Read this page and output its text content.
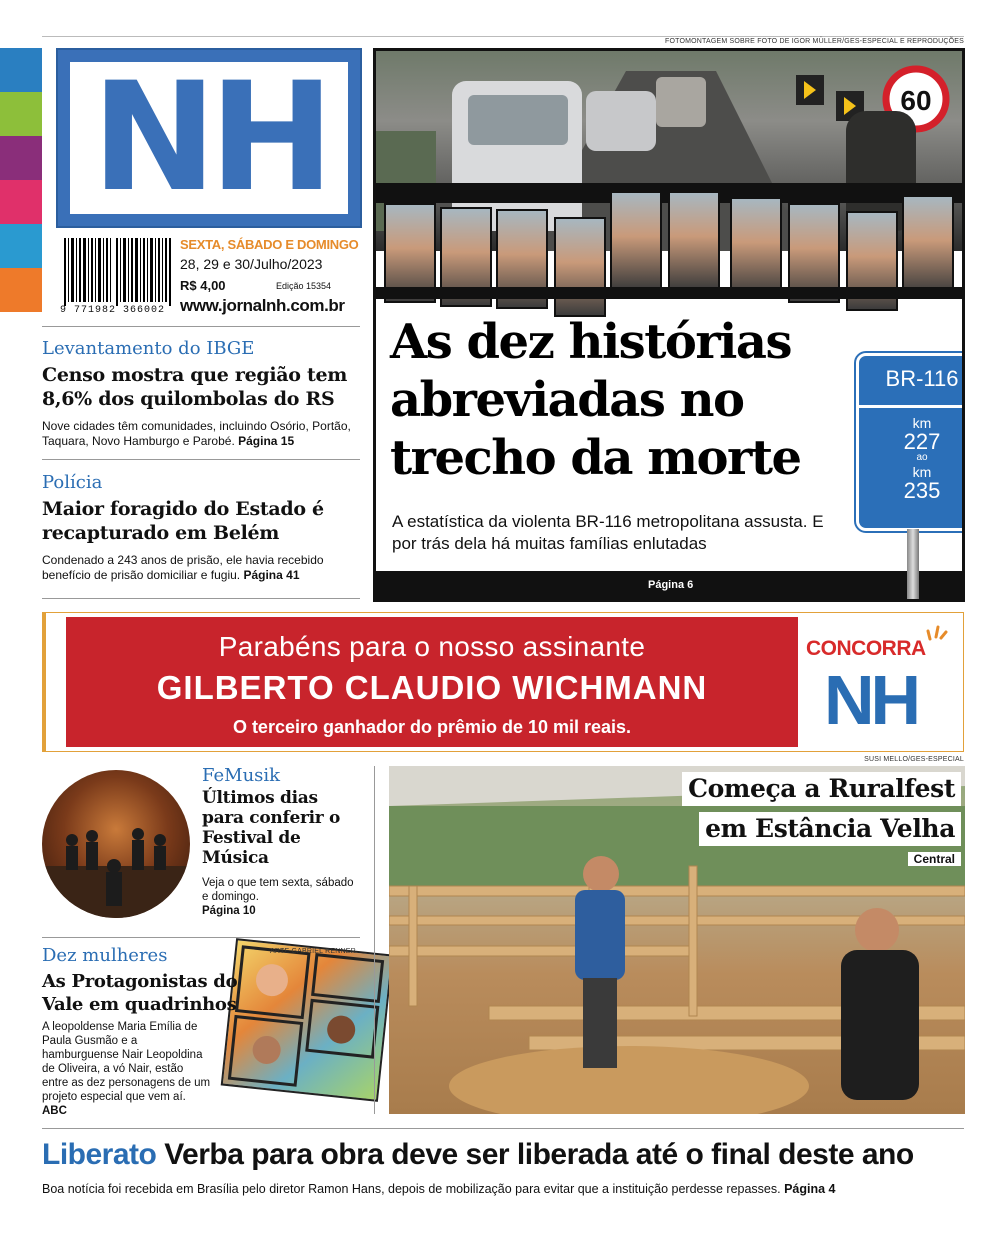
FOTOMONTAGEM SOBRE FOTO DE IGOR MÜLLER/GES-ESPECIAL E REPRODUÇÕES
NH
9 771982 366002
SEXTA, SÁBADO E DOMINGO
28, 29 e 30/Julho/2023
R$ 4,00	Edição 15354
www.jornalnh.com.br
Levantamento do IBGE
Censo mostra que região tem 8,6% dos quilombolas do RS
Nove cidades têm comunidades, incluindo Osório, Portão, Taquara, Novo Hamburgo e Parobé. Página 15
Polícia
Maior foragido do Estado é recapturado em Belém
Condenado a 243 anos de prisão, ele havia recebido benefício de prisão domiciliar e fugiu. Página 41
60
As dez histórias abreviadas no trecho da morte
A estatística da violenta BR-116 metropolitana assusta. E por trás dela há muitas famílias enlutadas
Página 6
BR-116
km
227
ao
km
235
Parabéns para o nosso assinante
GILBERTO CLAUDIO WICHMANN
O terceiro ganhador do prêmio de 10 mil reais.
CONCORRA
NH
FeMusik
Últimos dias para conferir o Festival de Música
Veja o que tem sexta, sábado e domingo.
Página 10
ARTE GABRIEL RENNER
Dez mulheres
As Protagonistas do Vale em quadrinhos
A leopoldense Maria Emília de Paula Gusmão e a hamburguense Nair Leopoldina de Oliveira, a vó Nair, estão entre as dez personagens de um projeto especial que vem aí. ABC
SUSI MELLO/GES-ESPECIAL
Começa a Ruralfest
em Estância Velha
Central
Liberato Verba para obra deve ser liberada até o final deste ano
Boa notícia foi recebida em Brasília pelo diretor Ramon Hans, depois de mobilização para evitar que a instituição perdesse repasses. Página 4
